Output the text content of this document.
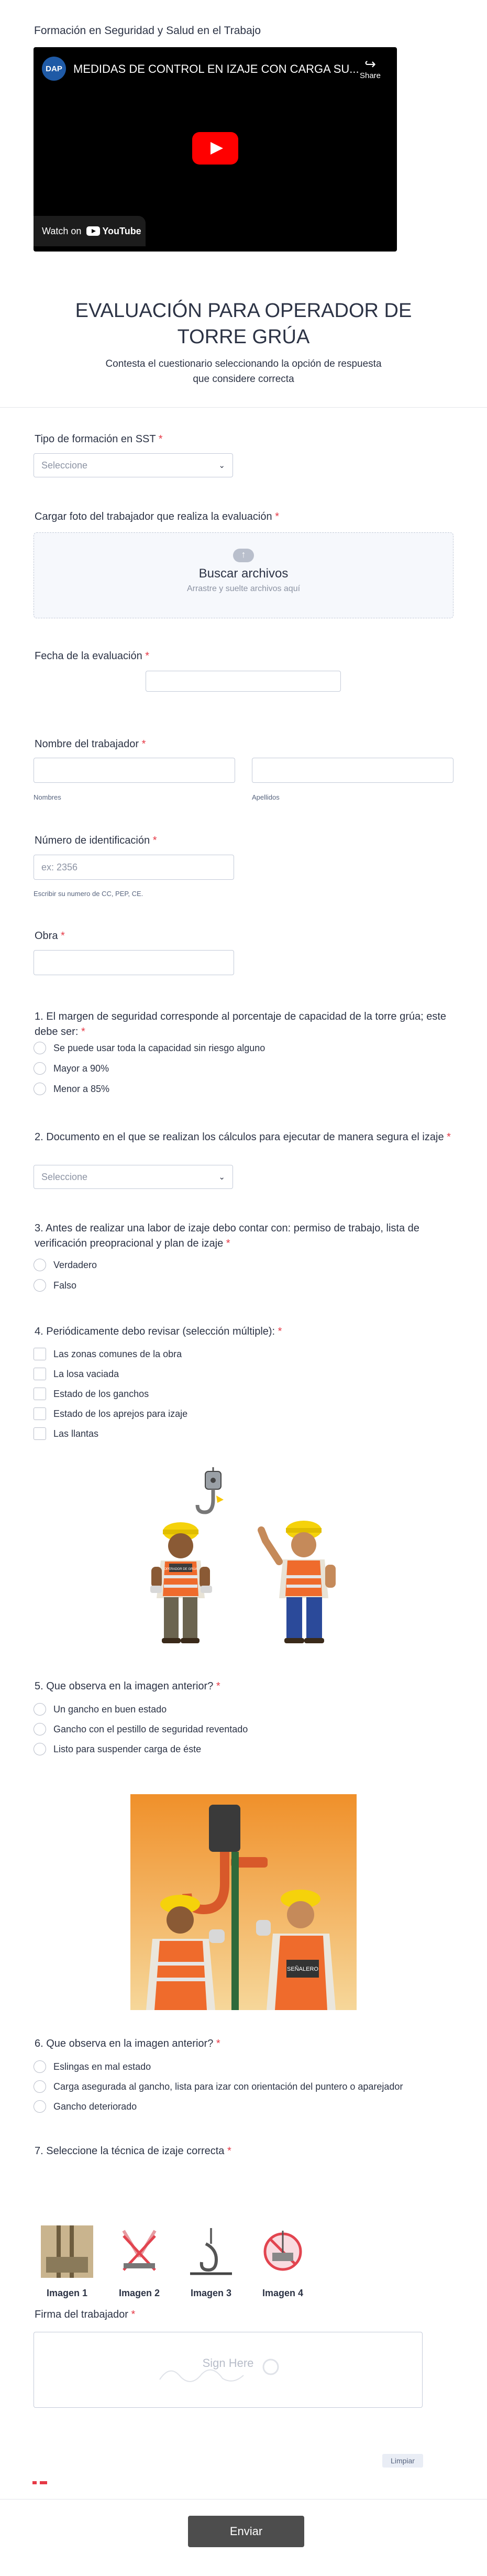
Formación en Seguridad y Salud en el Trabajo
DAP MEDIDAS DE CONTROL EN IZAJE CON CARGA SU... ↪
Share
Watch on YouTube
EVALUACIÓN PARA OPERADOR DE TORRE GRÚA
Contesta el cuestionario seleccionando la opción de respuesta que considere correcta
Tipo de formación en SST *
Seleccione	⌄
Cargar foto del trabajador que realiza la evaluación *
↑
Buscar archivos
Arrastre y suelte archivos aquí
Fecha de la evaluación *
Nombre del trabajador *
Nombres	Apellidos
Número de identificación *
ex: 2356
Escribir su numero de CC, PEP, CE.
Obra *
1. El margen de seguridad corresponde al porcentaje de capacidad de la torre grúa; este debe ser: *
Se puede usar toda la capacidad sin riesgo alguno
Mayor a 90%
Menor a 85%
2. Documento en el que se realizan los cálculos para ejecutar de manera segura el izaje *
Seleccione	⌄
3. Antes de realizar una labor de izaje debo contar con: permiso de trabajo, lista de verificación preopracional y plan de izaje *
Verdadero
Falso
4. Periódicamente debo revisar (selección múltiple): *
Las zonas comunes de la obra
La losa vaciada
Estado de los ganchos
Estado de los aprejos para izaje
Las llantas
OPERADOR DE GRÚA
5. Que observa en la imagen anterior? *
Un gancho en buen estado
Gancho con el pestillo de seguridad reventado
Listo para suspender carga de éste
SEÑALERO
6. Que observa en la imagen anterior? *
Eslingas en mal estado
Carga asegurada al gancho, lista para izar con orientación del puntero o aparejador
Gancho deteriorado
7. Seleccione la técnica de izaje correcta *
Imagen 1	Imagen 2	Imagen 3	Imagen 4
Firma del trabajador *
Sign Here
Limpiar
Enviar
